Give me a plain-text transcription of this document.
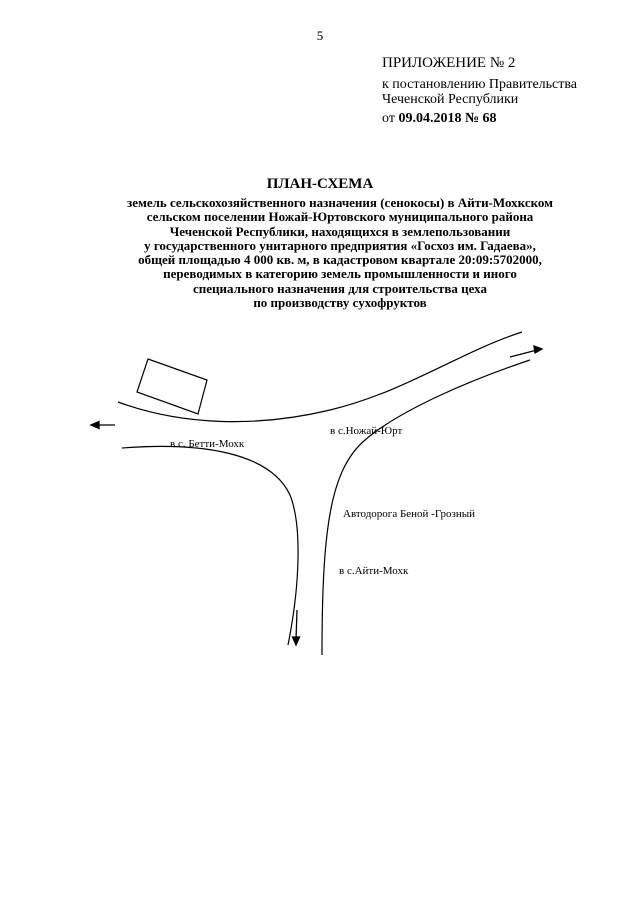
5
ПРИЛОЖЕНИЕ № 2
к постановлению Правительства
Чеченской Республики
от 09.04.2018 № 68
ПЛАН-СХЕМА
земель сельскохозяйственного назначения (сенокосы) в Айти-Мохкском
сельском поселении Ножай-Юртовского муниципального района
Чеченской Республики, находящихся в землепользовании
у государственного унитарного предприятия «Госхоз им. Гадаева»,
общей площадью 4 000 кв. м, в кадастровом квартале 20:09:5702000,
переводимых в категорию земель промышленности и иного
специального назначения для строительства цеха
по производству сухофруктов
в с. Бетти-Мохк
в с.Ножай-Юрт
Автодорога Беной -Грозный
в с.Айти-Мохк
